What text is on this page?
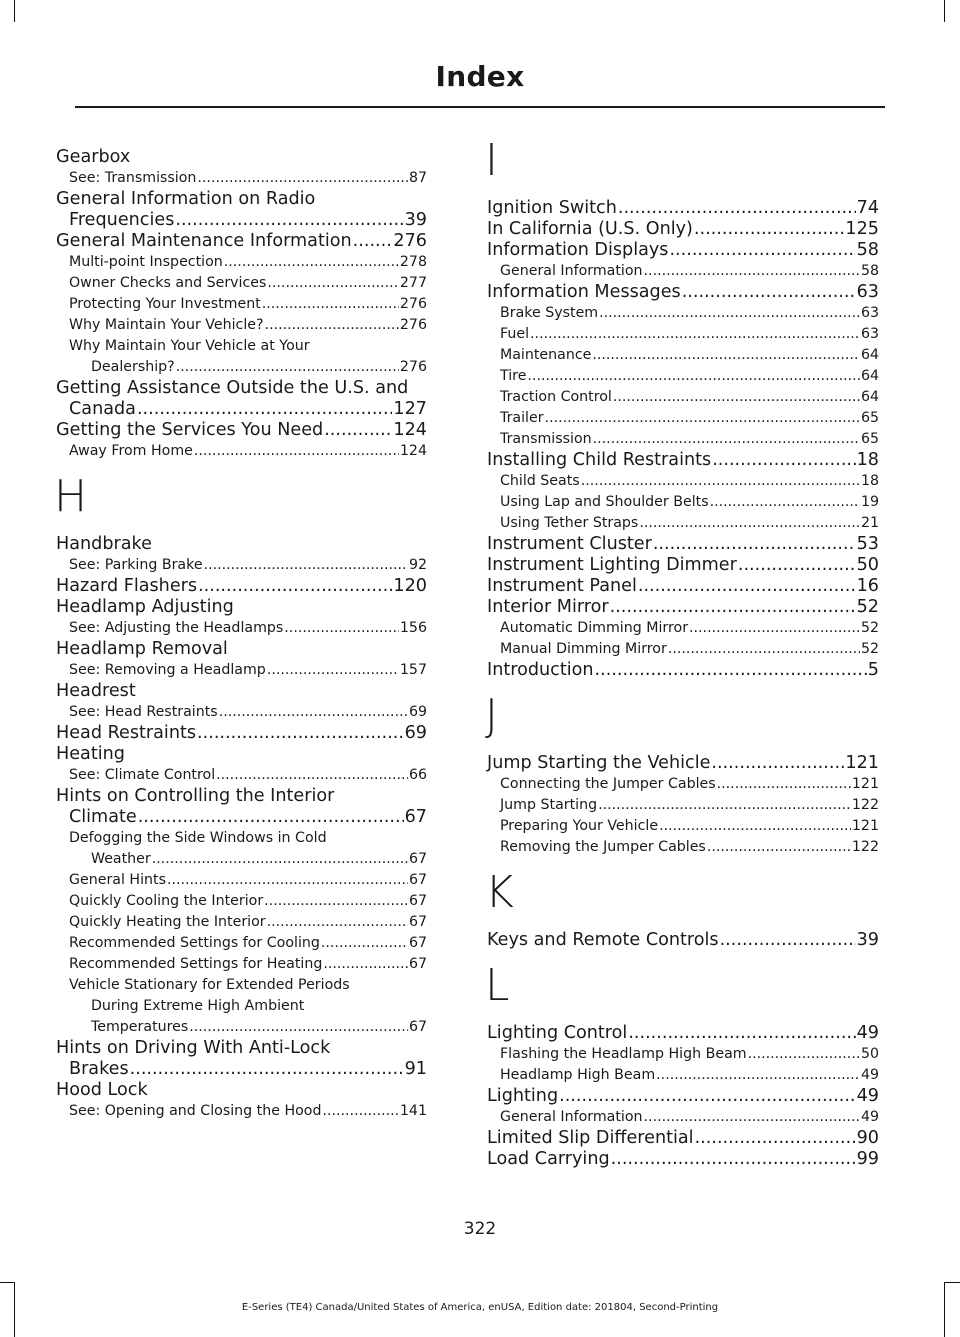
Index
Gearbox
See: Transmission .....	87
General Information on Radio
Frequencies .....	39
General Maintenance Information ..... 276
Multi-point Inspection .....	278
Owner Checks and Services .....	277
Protecting Your Investment .....	276
Why Maintain Your Vehicle? .....	276
Why Maintain Your Vehicle at Your
Dealership? .....	276
Getting Assistance Outside the U.S. and
Canada .....	127
Getting the Services You Need .....	124
Away From Home .....	124
H
Handbrake
See: Parking Brake .....	92
Hazard Flashers .....	120
Headlamp Adjusting
See: Adjusting the Headlamps .....	156
Headlamp Removal
See: Removing a Headlamp .....	157
Headrest
See: Head Restraints .....	69
Head Restraints .....	69
Heating
See: Climate Control .....	66
Hints on Controlling the Interior
Climate .....	67
Defogging the Side Windows in Cold
Weather .....	67
General Hints .....	67
Quickly Cooling the Interior .....	67
Quickly Heating the Interior .....	67
Recommended Settings for Cooling .....	67
Recommended Settings for Heating .....	67
Vehicle Stationary for Extended Periods
During Extreme High Ambient
Temperatures .....	67
Hints on Driving With Anti-Lock
Brakes .....	91
Hood Lock
See: Opening and Closing the Hood .....	141
I
Ignition Switch .....	74
In California (U.S. Only) .....	125
Information Displays .....	58
General Information .....	58
Information Messages .....	63
Brake System .....	63
Fuel .....	63
Maintenance .....	64
Tire .....	64
Traction Control .....	64
Trailer .....	65
Transmission .....	65
Installing Child Restraints .....	18
Child Seats .....	18
Using Lap and Shoulder Belts .....	19
Using Tether Straps .....	21
Instrument Cluster .....	53
Instrument Lighting Dimmer .....	50
Instrument Panel .....	16
Interior Mirror .....	52
Automatic Dimming Mirror .....	52
Manual Dimming Mirror .....	52
Introduction .....	5
J
Jump Starting the Vehicle .....	121
Connecting the Jumper Cables .....	121
Jump Starting .....	122
Preparing Your Vehicle .....	121
Removing the Jumper Cables .....	122
K
Keys and Remote Controls .....	39
L
Lighting Control .....	49
Flashing the Headlamp High Beam .....	50
Headlamp High Beam .....	49
Lighting .....	49
General Information .....	49
Limited Slip Differential .....	90
Load Carrying .....	99
322
E-Series (TE4) Canada/United States of America, enUSA, Edition date: 201804, Second-Printing
